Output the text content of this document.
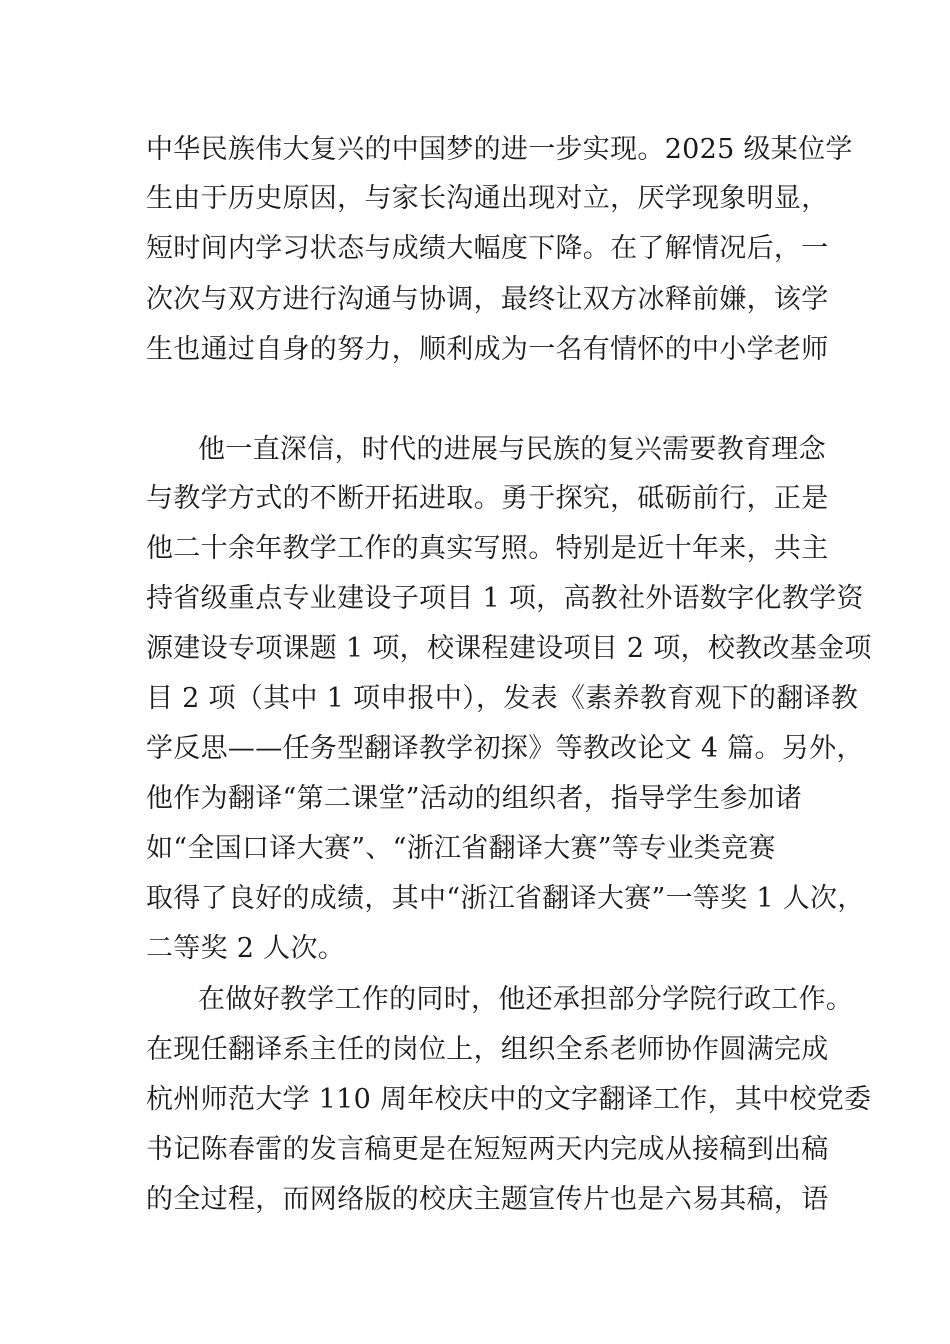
中华民族伟大复兴的中国梦的进一步实现。2025 级某位学
生由于历史原因，与家长沟通出现对立，厌学现象明显，
短时间内学习状态与成绩大幅度下降。在了解情况后，一
次次与双方进行沟通与协调，最终让双方冰释前嫌，该学
生也通过自身的努力，顺利成为一名有情怀的中小学老师
他一直深信，时代的进展与民族的复兴需要教育理念
与教学方式的不断开拓进取。勇于探究，砥砺前行，正是
他二十余年教学工作的真实写照。特别是近十年来，共主
持省级重点专业建设子项目 1 项，高教社外语数字化教学资
源建设专项课题 1 项，校课程建设项目 2 项，校教改基金项
目 2 项（其中 1 项申报中），发表《素养教育观下的翻译教
学反思——任务型翻译教学初探》等教改论文 4 篇。另外，
他作为翻译“第二课堂”活动的组织者，指导学生参加诸
如“全国口译大赛”、“浙江省翻译大赛”等专业类竞赛
取得了良好的成绩，其中“浙江省翻译大赛”一等奖 1 人次，
二等奖 2 人次。
在做好教学工作的同时，他还承担部分学院行政工作。
在现任翻译系主任的岗位上，组织全系老师协作圆满完成
杭州师范大学 110 周年校庆中的文字翻译工作，其中校党委
书记陈春雷的发言稿更是在短短两天内完成从接稿到出稿
的全过程，而网络版的校庆主题宣传片也是六易其稿，语
